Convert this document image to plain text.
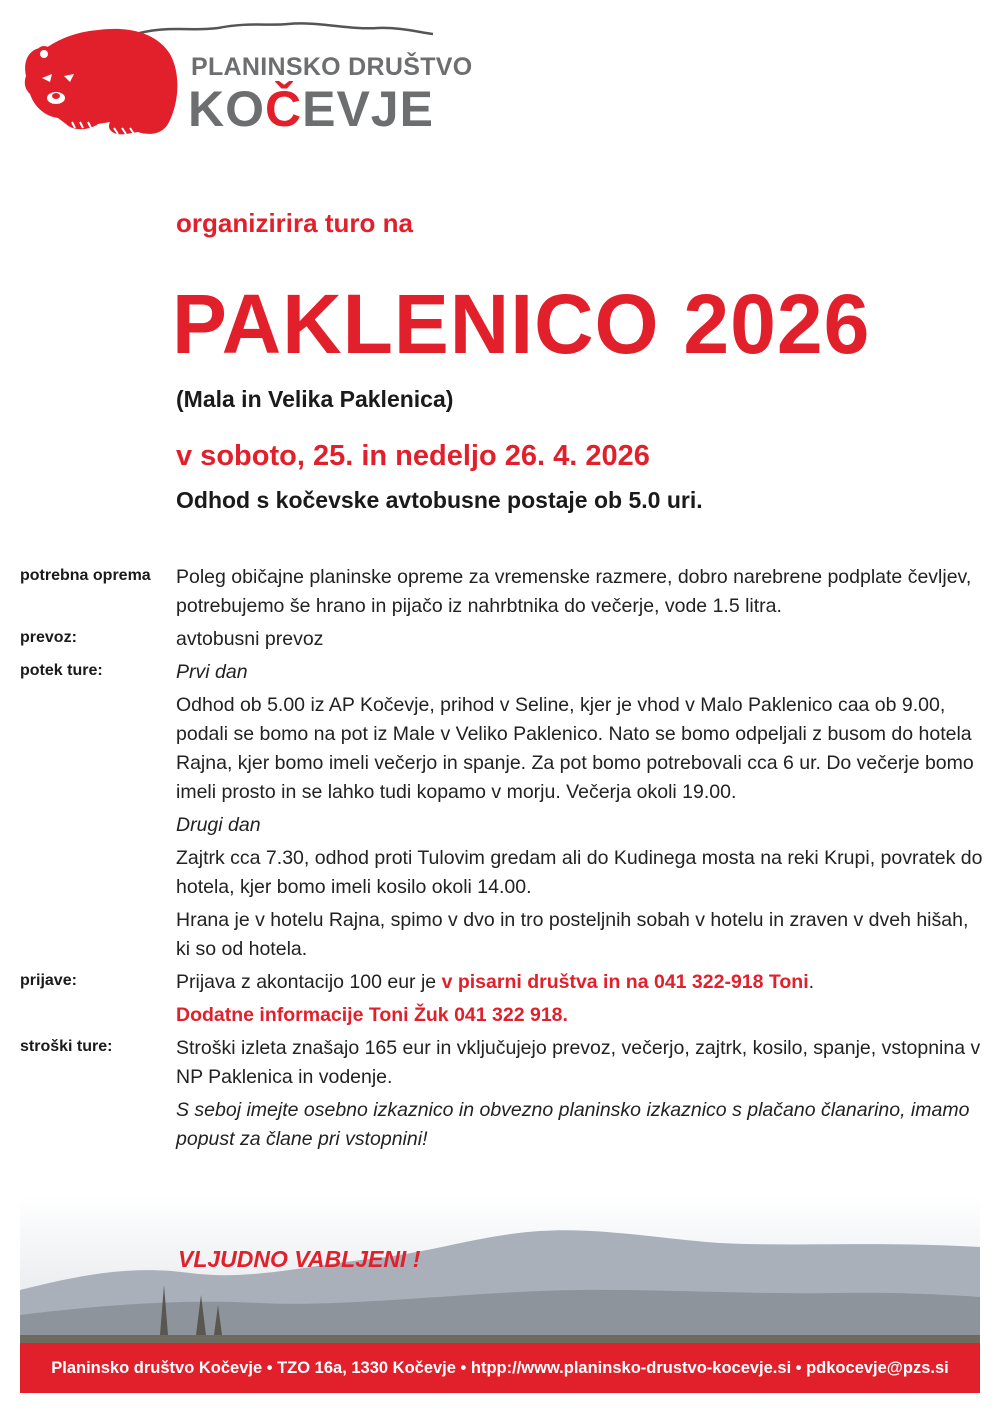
PLANINSKO DRUŠTVO
KOČEVJE
organizirira turo na
PAKLENICO 2026
(Mala in Velika Paklenica)
v soboto, 25. in nedeljo 26. 4. 2026
Odhod s kočevske avtobusne postaje ob 5.0 uri.
potrebna oprema	Poleg običajne planinske opreme za vremenske razmere, dobro narebrene podplate čevljev, potrebujemo še hrano in pijačo iz nahrbtnika do večerje, vode 1.5 litra.

prevoz:	avtobusni prevoz

potek ture:	Prvi dan

Odhod ob 5.00 iz AP Kočevje, prihod v Seline, kjer je vhod v Malo Paklenico caa ob 9.00, podali se bomo na pot iz Male v Veliko Paklenico. Nato se bomo odpeljali z busom do hotela Rajna, kjer bomo imeli večerjo in spanje. Za pot bomo potrebovali cca 6 ur. Do večerje bomo imeli prosto in se lahko tudi kopamo v morju. Večerja okoli 19.00.

Drugi dan

Zajtrk cca 7.30, odhod proti Tulovim gredam ali do Kudinega mosta na reki Krupi, povratek do hotela, kjer bomo imeli kosilo okoli 14.00.

Hrana je v hotelu Rajna, spimo v dvo in tro posteljnih sobah v hotelu in zraven v dveh hišah, ki so od hotela.

prijave:	Prijava z akontacijo 100 eur je v pisarni društva in na 041 322-918 Toni.

Dodatne informacije Toni Žuk 041 322 918.

stroški ture:	Stroški izleta znašajo 165 eur in vključujejo prevoz, večerjo, zajtrk, kosilo, spanje, vstopnina v NP Paklenica in vodenje.

S seboj imejte osebno izkaznico in obvezno planinsko izkaznico s plačano članarino, imamo popust za člane pri vstopnini!

VLJUDNO VABLJENI !
Planinsko društvo Kočevje • TZO 16a, 1330 Kočevje • htpp://www.planinsko-drustvo-kocevje.si • pdkocevje@pzs.si
